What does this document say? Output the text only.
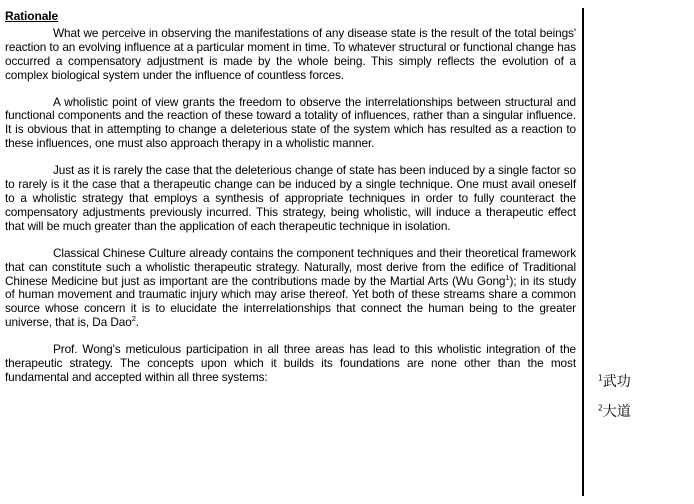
Rationale

What we perceive in observing the manifestations of any disease state is the result of the total beings' reaction to an evolving influence at a particular moment in time. To whatever structural or functional change has occurred a compensatory adjustment is made by the whole being. This simply reflects the evolution of a complex biological system under the influence of countless forces.

A wholistic point of view grants the freedom to observe the interrelationships between structural and functional components and the reaction of these toward a totality of influences, rather than a singular influence. It is obvious that in attempting to change a deleterious state of the system which has resulted as a reaction to these influences, one must also approach therapy in a wholistic manner.

Just as it is rarely the case that the deleterious change of state has been induced by a single factor so to rarely is it the case that a therapeutic change can be induced by a single technique. One must avail oneself to a wholistic strategy that employs a synthesis of appropriate techniques in order to fully counteract the compensatory adjustments previously incurred. This strategy, being wholistic, will induce a therapeutic effect that will be much greater than the application of each therapeutic technique in isolation.

Classical Chinese Culture already contains the component techniques and their theoretical framework that can constitute such a wholistic therapeutic strategy. Naturally, most derive from the edifice of Traditional Chinese Medicine but just as important are the contributions made by the Martial Arts (Wu Gong$^1$); in its study of human movement and traumatic injury which may arise thereof. Yet both of these streams share a common source whose concern it is to elucidate the interrelationships that connect the human being to the greater universe, that is, Da Dao$^2$.

Prof. Wong's meticulous participation in all three areas has lead to this wholistic integration of the therapeutic strategy. The concepts upon which it builds its foundations are none other than the most fundamental and accepted within all three systems:	$^1$武功
$^2$大道
